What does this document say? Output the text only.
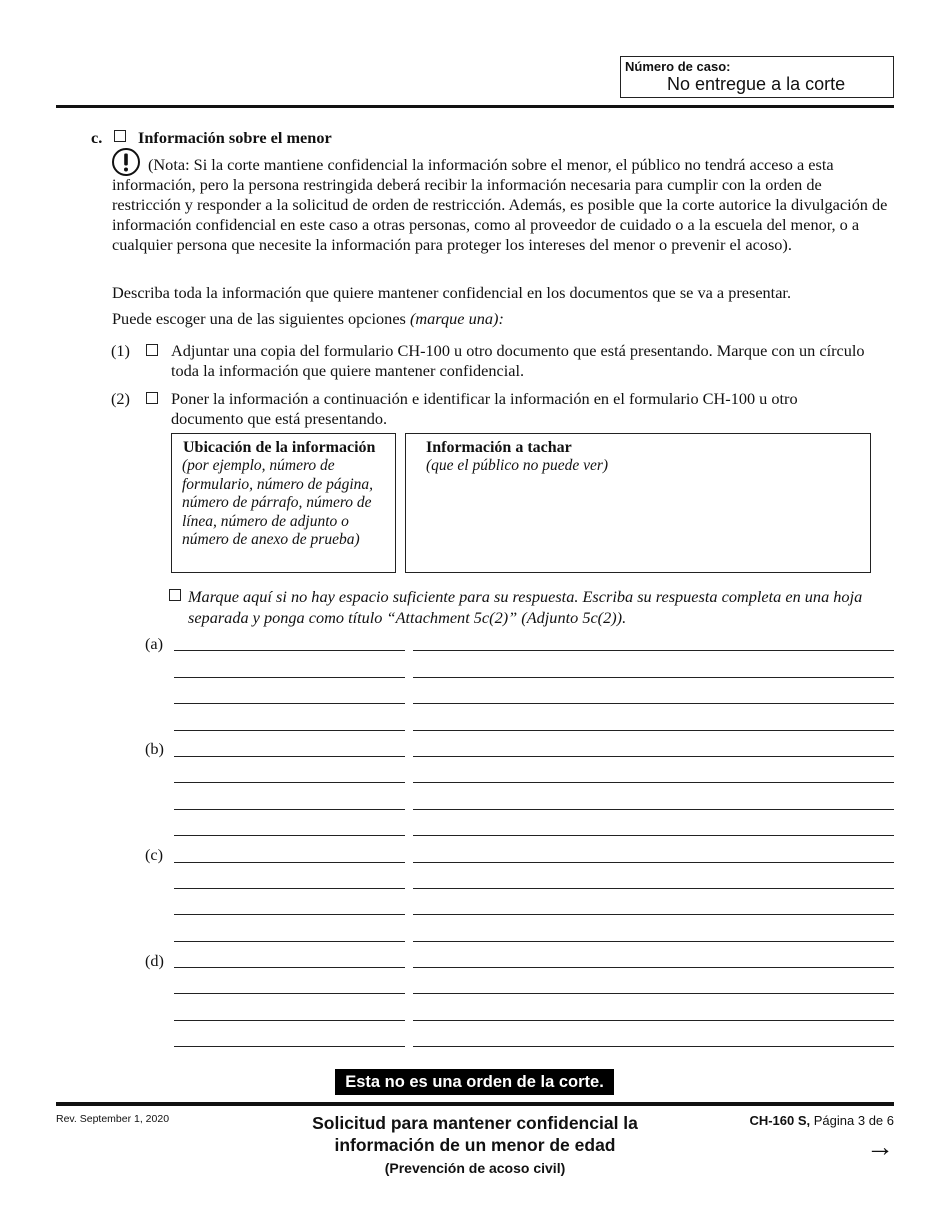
Número de caso:
No entregue a la corte
c. Información sobre el menor
(Nota: Si la corte mantiene confidencial la información sobre el menor, el público no tendrá acceso a esta información, pero la persona restringida deberá recibir la información necesaria para cumplir con la orden de restricción y responder a la solicitud de orden de restricción. Además, es posible que la corte autorice la divulgación de información confidencial en este caso a otras personas, como al proveedor de cuidado o a la escuela del menor, o a cualquier persona que necesite la información para proteger los intereses del menor o prevenir el acoso).
Describa toda la información que quiere mantener confidencial en los documentos que se va a presentar.
Puede escoger una de las siguientes opciones (marque una):
(1)	Adjuntar una copia del formulario CH-100 u otro documento que está presentando. Marque con un círculo toda la información que quiere mantener confidencial.
(2)	Poner la información a continuación e identificar la información en el formulario CH-100 u otro documento que está presentando.
Ubicación de la información
(por ejemplo, número de formulario, número de página, número de párrafo, número de línea, número de adjunto o número de anexo de prueba)
Información a tachar
(que el público no puede ver)
Marque aquí si no hay espacio suficiente para su respuesta. Escriba su respuesta completa en una hoja separada y ponga como título “Attachment 5c(2)” (Adjunto 5c(2)).
(a)
(b)
(c)
(d)
Esta no es una orden de la corte.
Rev. September 1, 2020	Solicitud para mantener confidencial la
información de un menor de edad
(Prevención de acoso civil)
CH-160 S, Página 3 de 6
→
